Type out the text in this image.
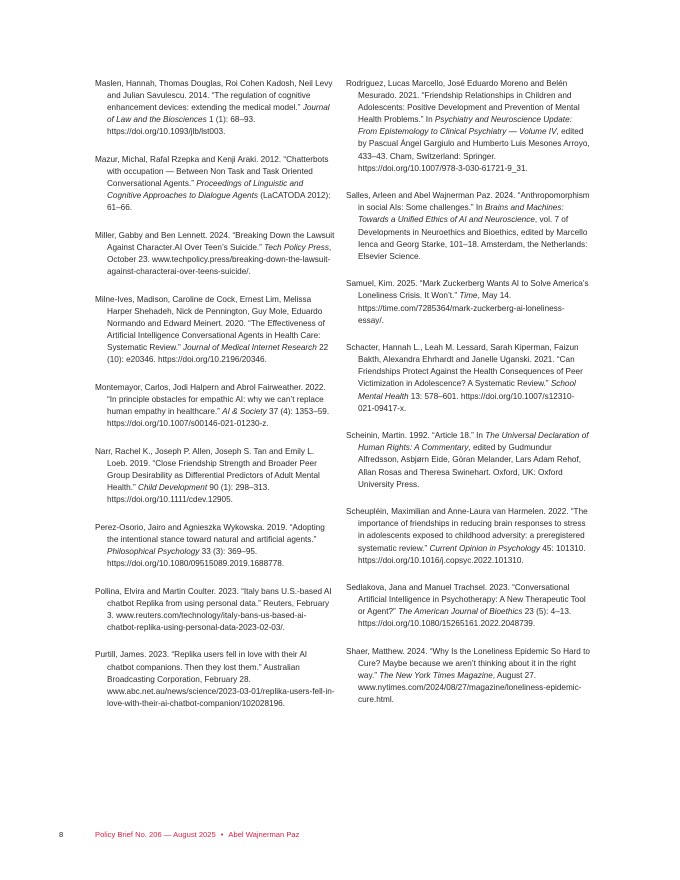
Maslen, Hannah, Thomas Douglas, Roi Cohen Kadosh, Neil Levy and Julian Savulescu. 2014. “The regulation of cognitive enhancement devices: extending the medical model.” Journal of Law and the Biosciences 1 (1): 68–93. https://doi.org/10.1093/jlb/lst003.

Mazur, Michal, Rafal Rzepka and Kenji Araki. 2012. “Chatterbots with occupation — Between Non Task and Task Oriented Conversational Agents.” Proceedings of Linguistic and Cognitive Approaches to Dialogue Agents (LaCATODA 2012): 61–66.

Miller, Gabby and Ben Lennett. 2024. “Breaking Down the Lawsuit Against Character.AI Over Teen’s Suicide.” Tech Policy Press, October 23. www.techpolicy.press/breaking-down-the-lawsuit-against-characterai-over-teens-suicide/.

Milne-Ives, Madison, Caroline de Cock, Ernest Lim, Melissa Harper Shehadeh, Nick de Pennington, Guy Mole, Eduardo Normando and Edward Meinert. 2020. “The Effectiveness of Artificial Intelligence Conversational Agents in Health Care: Systematic Review.” Journal of Medical Internet Research 22 (10): e20346. https://doi.org/10.2196/20346.

Montemayor, Carlos, Jodi Halpern and Abrol Fairweather. 2022. “In principle obstacles for empathic AI: why we can’t replace human empathy in healthcare.” AI & Society 37 (4): 1353–59. https://doi.org/10.1007/s00146-021-01230-z.

Narr, Rachel K., Joseph P. Allen, Joseph S. Tan and Emily L. Loeb. 2019. “Close Friendship Strength and Broader Peer Group Desirability as Differential Predictors of Adult Mental Health.” Child Development 90 (1): 298–313. https://doi.org/10.1111/cdev.12905.

Perez-Osorio, Jairo and Agnieszka Wykowska. 2019. “Adopting the intentional stance toward natural and artificial agents.” Philosophical Psychology 33 (3): 369–95. https://doi.org/10.1080/09515089.2019.1688778.

Pollina, Elvira and Martin Coulter. 2023. “Italy bans U.S.-based AI chatbot Replika from using personal data.” Reuters, February 3. www.reuters.com/technology/italy-bans-us-based-ai-chatbot-replika-using-personal-data-2023-02-03/.

Purtill, James. 2023. “Replika users fell in love with their AI chatbot companions. Then they lost them.” Australian Broadcasting Corporation, February 28. www.abc.net.au/news/science/2023-03-01/replika-users-fell-in-love-with-their-ai-chatbot-companion/102028196.

Rodriguez, Lucas Marcello, José Eduardo Moreno and Belén Mesurado. 2021. “Friendship Relationships in Children and Adolescents: Positive Development and Prevention of Mental Health Problems.” In Psychiatry and Neuroscience Update: From Epistemology to Clinical Psychiatry — Volume IV, edited by Pascual Ángel Gargiulo and Humberto Luis Mesones Arroyo, 433–43. Cham, Switzerland: Springer. https://doi.org/10.1007/978-3-030-61721-9_31.

Salles, Arleen and Abel Wajnerman Paz. 2024. “Anthropomorphism in social AIs: Some challenges.” In Brains and Machines: Towards a Unified Ethics of AI and Neuroscience, vol. 7 of Developments in Neuroethics and Bioethics, edited by Marcello Ienca and Georg Starke, 101–18. Amsterdam, the Netherlands: Elsevier Science.

Samuel, Kim. 2025. “Mark Zuckerberg Wants AI to Solve America’s Loneliness Crisis. It Won’t.” Time, May 14. https://time.com/7285364/mark-zuckerberg-ai-loneliness-essay/.

Schacter, Hannah L., Leah M. Lessard, Sarah Kiperman, Faizun Bakth, Alexandra Ehrhardt and Janelle Uganski. 2021. “Can Friendships Protect Against the Health Consequences of Peer Victimization in Adolescence? A Systematic Review.” School Mental Health 13: 578–601. https://doi.org/10.1007/s12310-021-09417-x.

Scheinin, Martin. 1992. “Article 18.” In The Universal Declaration of Human Rights: A Commentary, edited by Gudmundur Alfredsson, Asbjørn Eide, Göran Melander, Lars Adam Rehof, Allan Rosas and Theresa Swinehart. Oxford, UK: Oxford University Press.

Scheupléin, Maximilian and Anne-Laura van Harmelen. 2022. “The importance of friendships in reducing brain responses to stress in adolescents exposed to childhood adversity: a preregistered systematic review.” Current Opinion in Psychology 45: 101310. https://doi.org/10.1016/j.copsyc.2022.101310.

Sedlakova, Jana and Manuel Trachsel. 2023. “Conversational Artificial Intelligence in Psychotherapy: A New Therapeutic Tool or Agent?” The American Journal of Bioethics 23 (5): 4–13. https://doi.org/10.1080/15265161.2022.2048739.

Shaer, Matthew. 2024. “Why Is the Loneliness Epidemic So Hard to Cure? Maybe because we aren’t thinking about it in the right way.” The New York Times Magazine, August 27. www.nytimes.com/2024/08/27/magazine/loneliness-epidemic-cure.html.

8	Policy Brief No. 206 — August 2025 • Abel Wajnerman Paz
